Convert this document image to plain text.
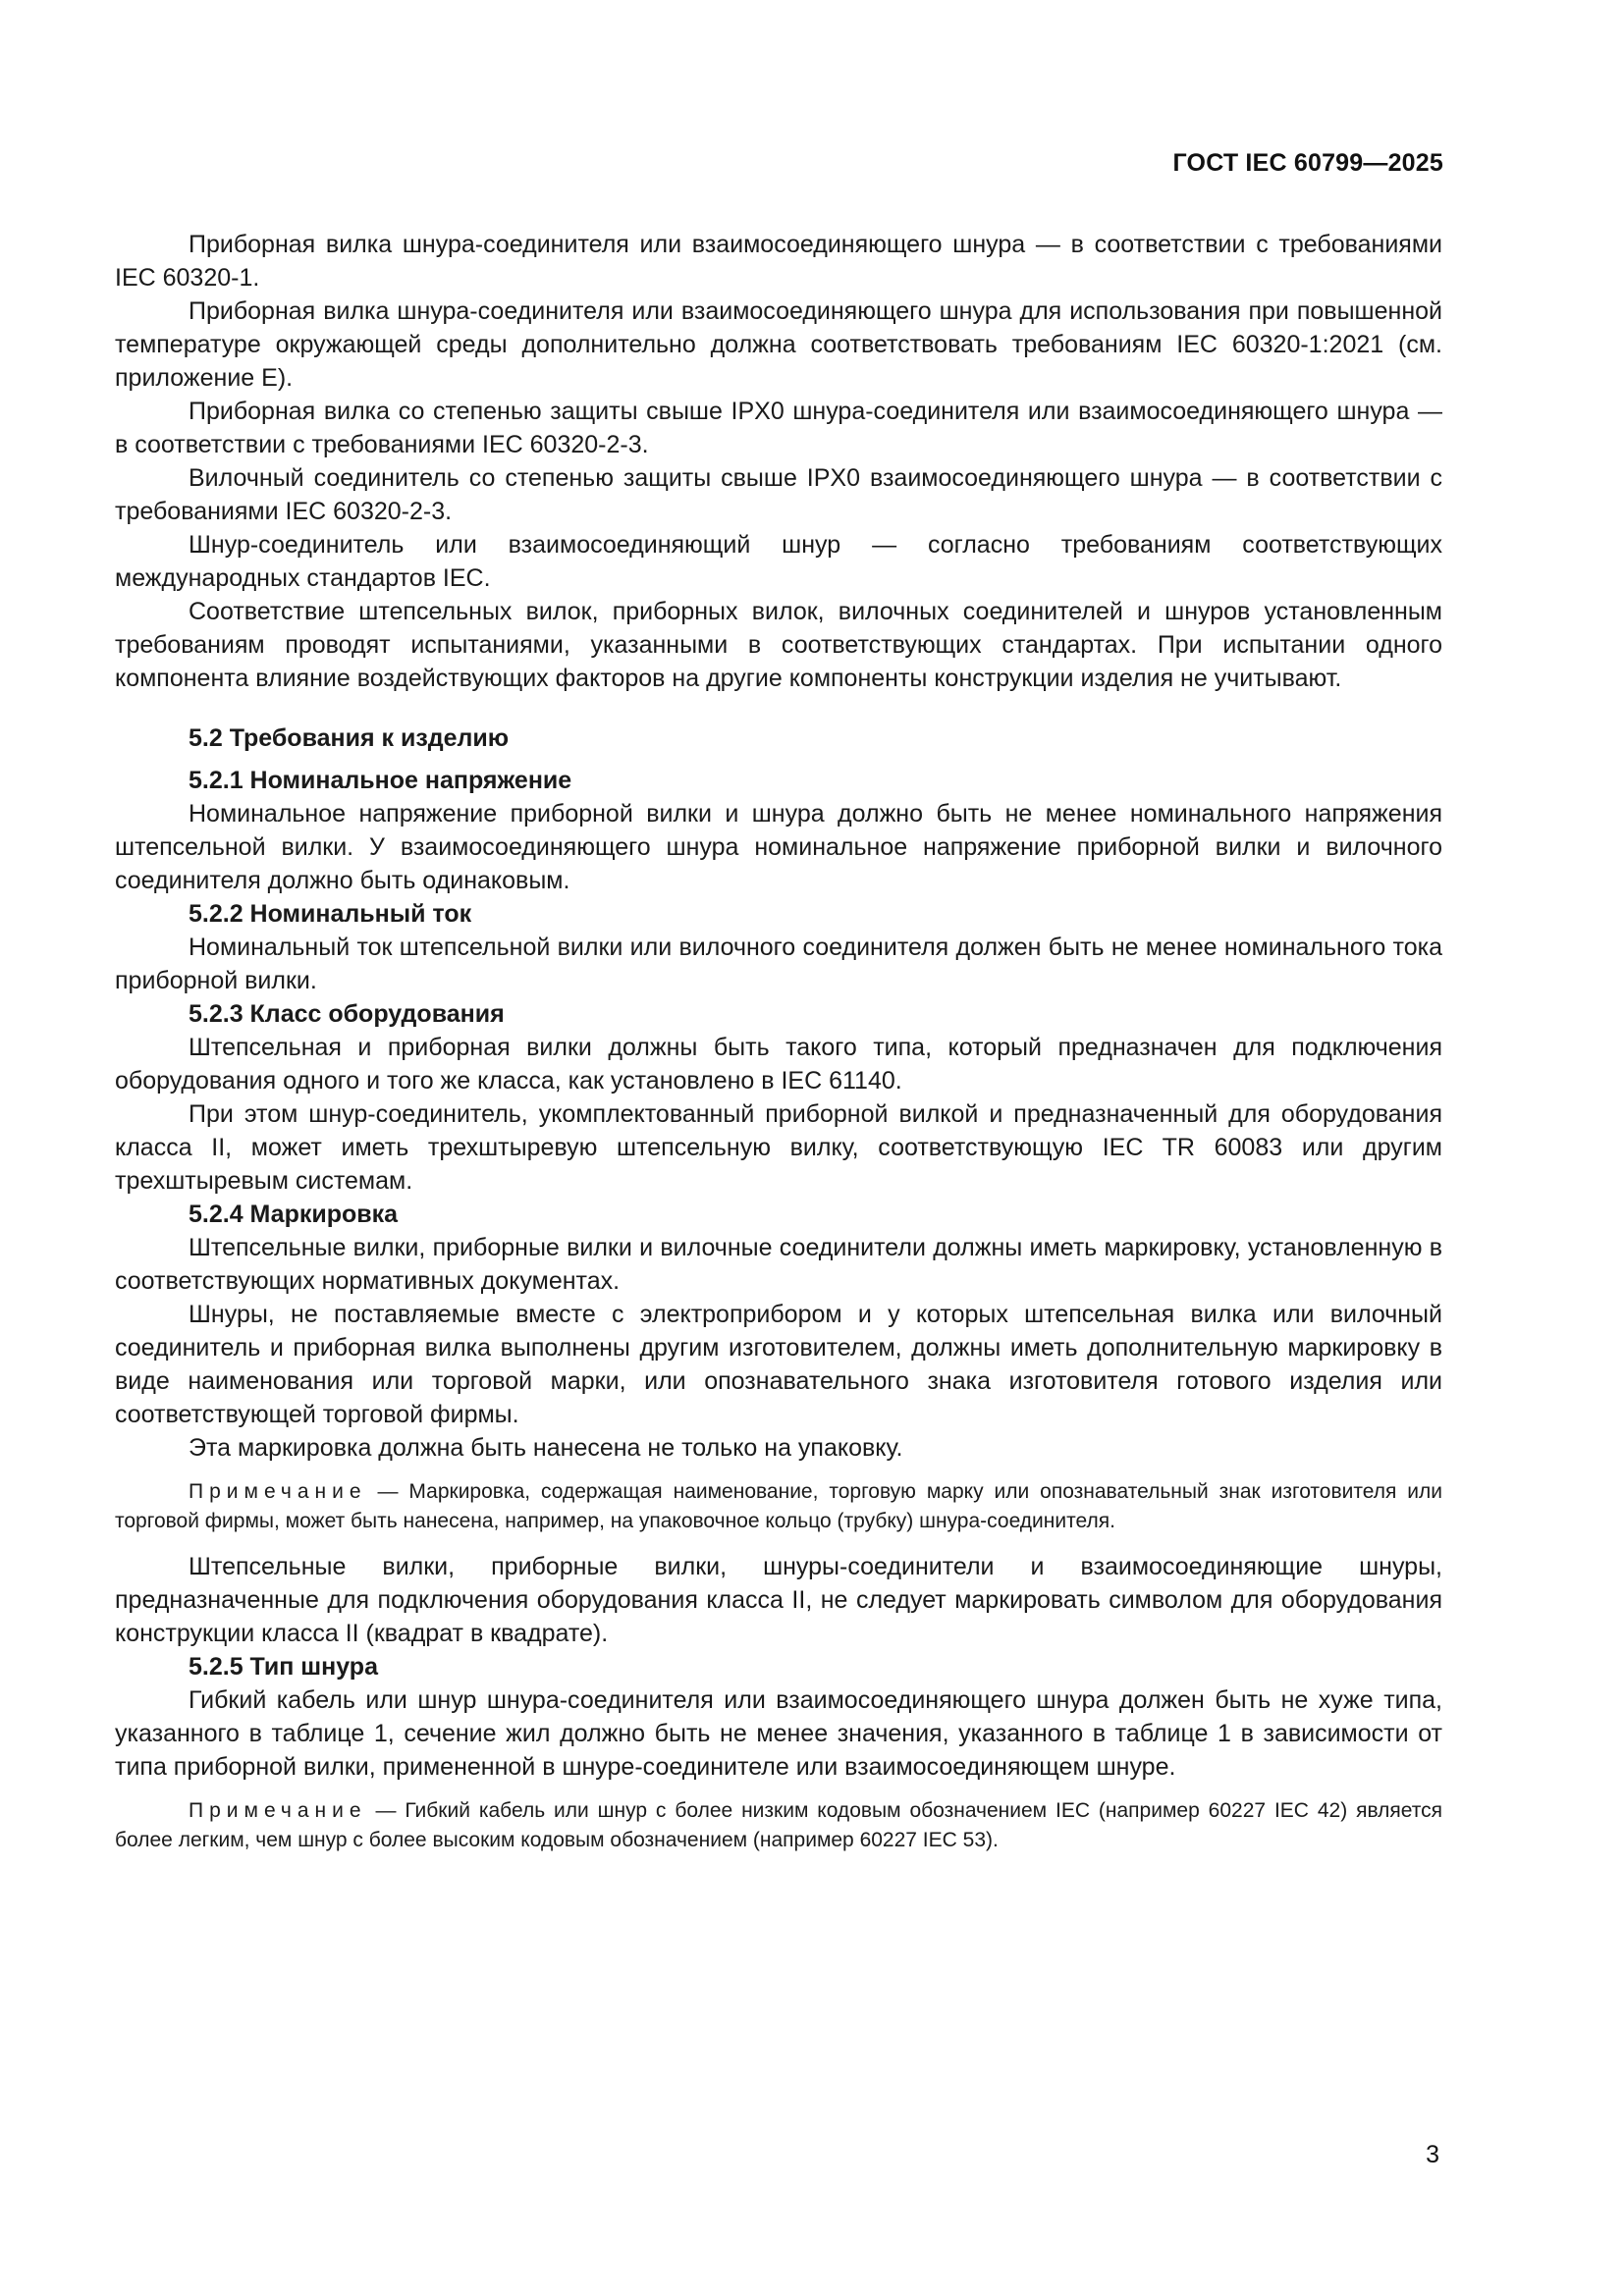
ГОСТ IEC 60799—2025

Приборная вилка шнура-соединителя или взаимосоединяющего шнура — в соответствии с требованиями IEC 60320-1.

Приборная вилка шнура-соединителя или взаимосоединяющего шнура для использования при повышенной температуре окружающей среды дополнительно должна соответствовать требованиям IEC 60320-1:2021 (см. приложение E).

Приборная вилка со степенью защиты свыше IPX0 шнура-соединителя или взаимосоединяющего шнура — в соответствии с требованиями IEC 60320-2-3.

Вилочный соединитель со степенью защиты свыше IPX0 взаимосоединяющего шнура — в соответствии с требованиями IEC 60320-2-3.

Шнур-соединитель или взаимосоединяющий шнур — согласно требованиям соответствующих международных стандартов IEC.

Соответствие штепсельных вилок, приборных вилок, вилочных соединителей и шнуров установленным требованиям проводят испытаниями, указанными в соответствующих стандартах. При испытании одного компонента влияние воздействующих факторов на другие компоненты конструкции изделия не учитывают.

5.2 Требования к изделию
5.2.1 Номинальное напряжение

Номинальное напряжение приборной вилки и шнура должно быть не менее номинального напряжения штепсельной вилки. У взаимосоединяющего шнура номинальное напряжение приборной вилки и вилочного соединителя должно быть одинаковым.

5.2.2 Номинальный ток

Номинальный ток штепсельной вилки или вилочного соединителя должен быть не менее номинального тока приборной вилки.

5.2.3 Класс оборудования

Штепсельная и приборная вилки должны быть такого типа, который предназначен для подключения оборудования одного и того же класса, как установлено в IEC 61140.

При этом шнур-соединитель, укомплектованный приборной вилкой и предназначенный для оборудования класса II, может иметь трехштыревую штепсельную вилку, соответствующую IEC TR 60083 или другим трехштыревым системам.

5.2.4 Маркировка

Штепсельные вилки, приборные вилки и вилочные соединители должны иметь маркировку, установленную в соответствующих нормативных документах.

Шнуры, не поставляемые вместе с электроприбором и у которых штепсельная вилка или вилочный соединитель и приборная вилка выполнены другим изготовителем, должны иметь дополнительную маркировку в виде наименования или торговой марки, или опознавательного знака изготовителя готового изделия или соответствующей торговой фирмы.

Эта маркировка должна быть нанесена не только на упаковку.

Примечание — Маркировка, содержащая наименование, торговую марку или опознавательный знак изготовителя или торговой фирмы, может быть нанесена, например, на упаковочное кольцо (трубку) шнура-соединителя.

Штепсельные вилки, приборные вилки, шнуры-соединители и взаимосоединяющие шнуры, предназначенные для подключения оборудования класса II, не следует маркировать символом для оборудования конструкции класса II (квадрат в квадрате).

5.2.5 Тип шнура

Гибкий кабель или шнур шнура-соединителя или взаимосоединяющего шнура должен быть не хуже типа, указанного в таблице 1, сечение жил должно быть не менее значения, указанного в таблице 1 в зависимости от типа приборной вилки, примененной в шнуре-соединителе или взаимосоединяющем шнуре.

Примечание — Гибкий кабель или шнур с более низким кодовым обозначением IEC (например 60227 IEC 42) является более легким, чем шнур с более высоким кодовым обозначением (например 60227 IEC 53).

3
